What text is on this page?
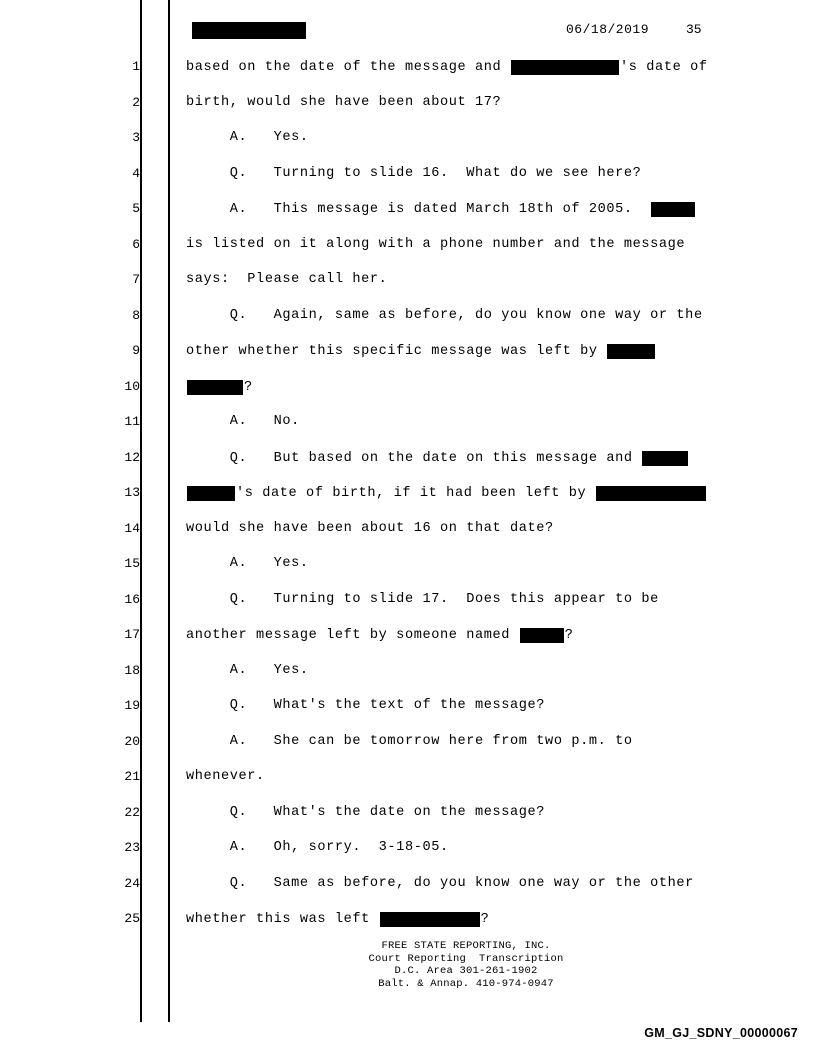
06/18/2019	35
1	based on the date of the message and	's date of
2	birth, would she have been about 17?
3	A.   Yes.
4	Q.   Turning to slide 16.  What do we see here?
5	A.   This message is dated March 18th of 2005.
6	is listed on it along with a phone number and the message
7	says:  Please call her.
8	Q.   Again, same as before, do you know one way or the
9	other whether this specific message was left by
10	?
11	A.   No.
12	Q.   But based on the date on this message and
13	's date of birth, if it had been left by
14	would she have been about 16 on that date?
15	A.   Yes.
16	Q.   Turning to slide 17.  Does this appear to be
17	another message left by someone named	?
18	A.   Yes.
19	Q.   What's the text of the message?
20	A.   She can be tomorrow here from two p.m. to
21	whenever.
22	Q.   What's the date on the message?
23	A.   Oh, sorry.  3-18-05.
24	Q.   Same as before, do you know one way or the other
25	whether this was left	?
FREE STATE REPORTING, INC.
Court Reporting  Transcription
D.C. Area 301-261-1902
Balt. & Annap. 410-974-0947
GM_GJ_SDNY_00000067
